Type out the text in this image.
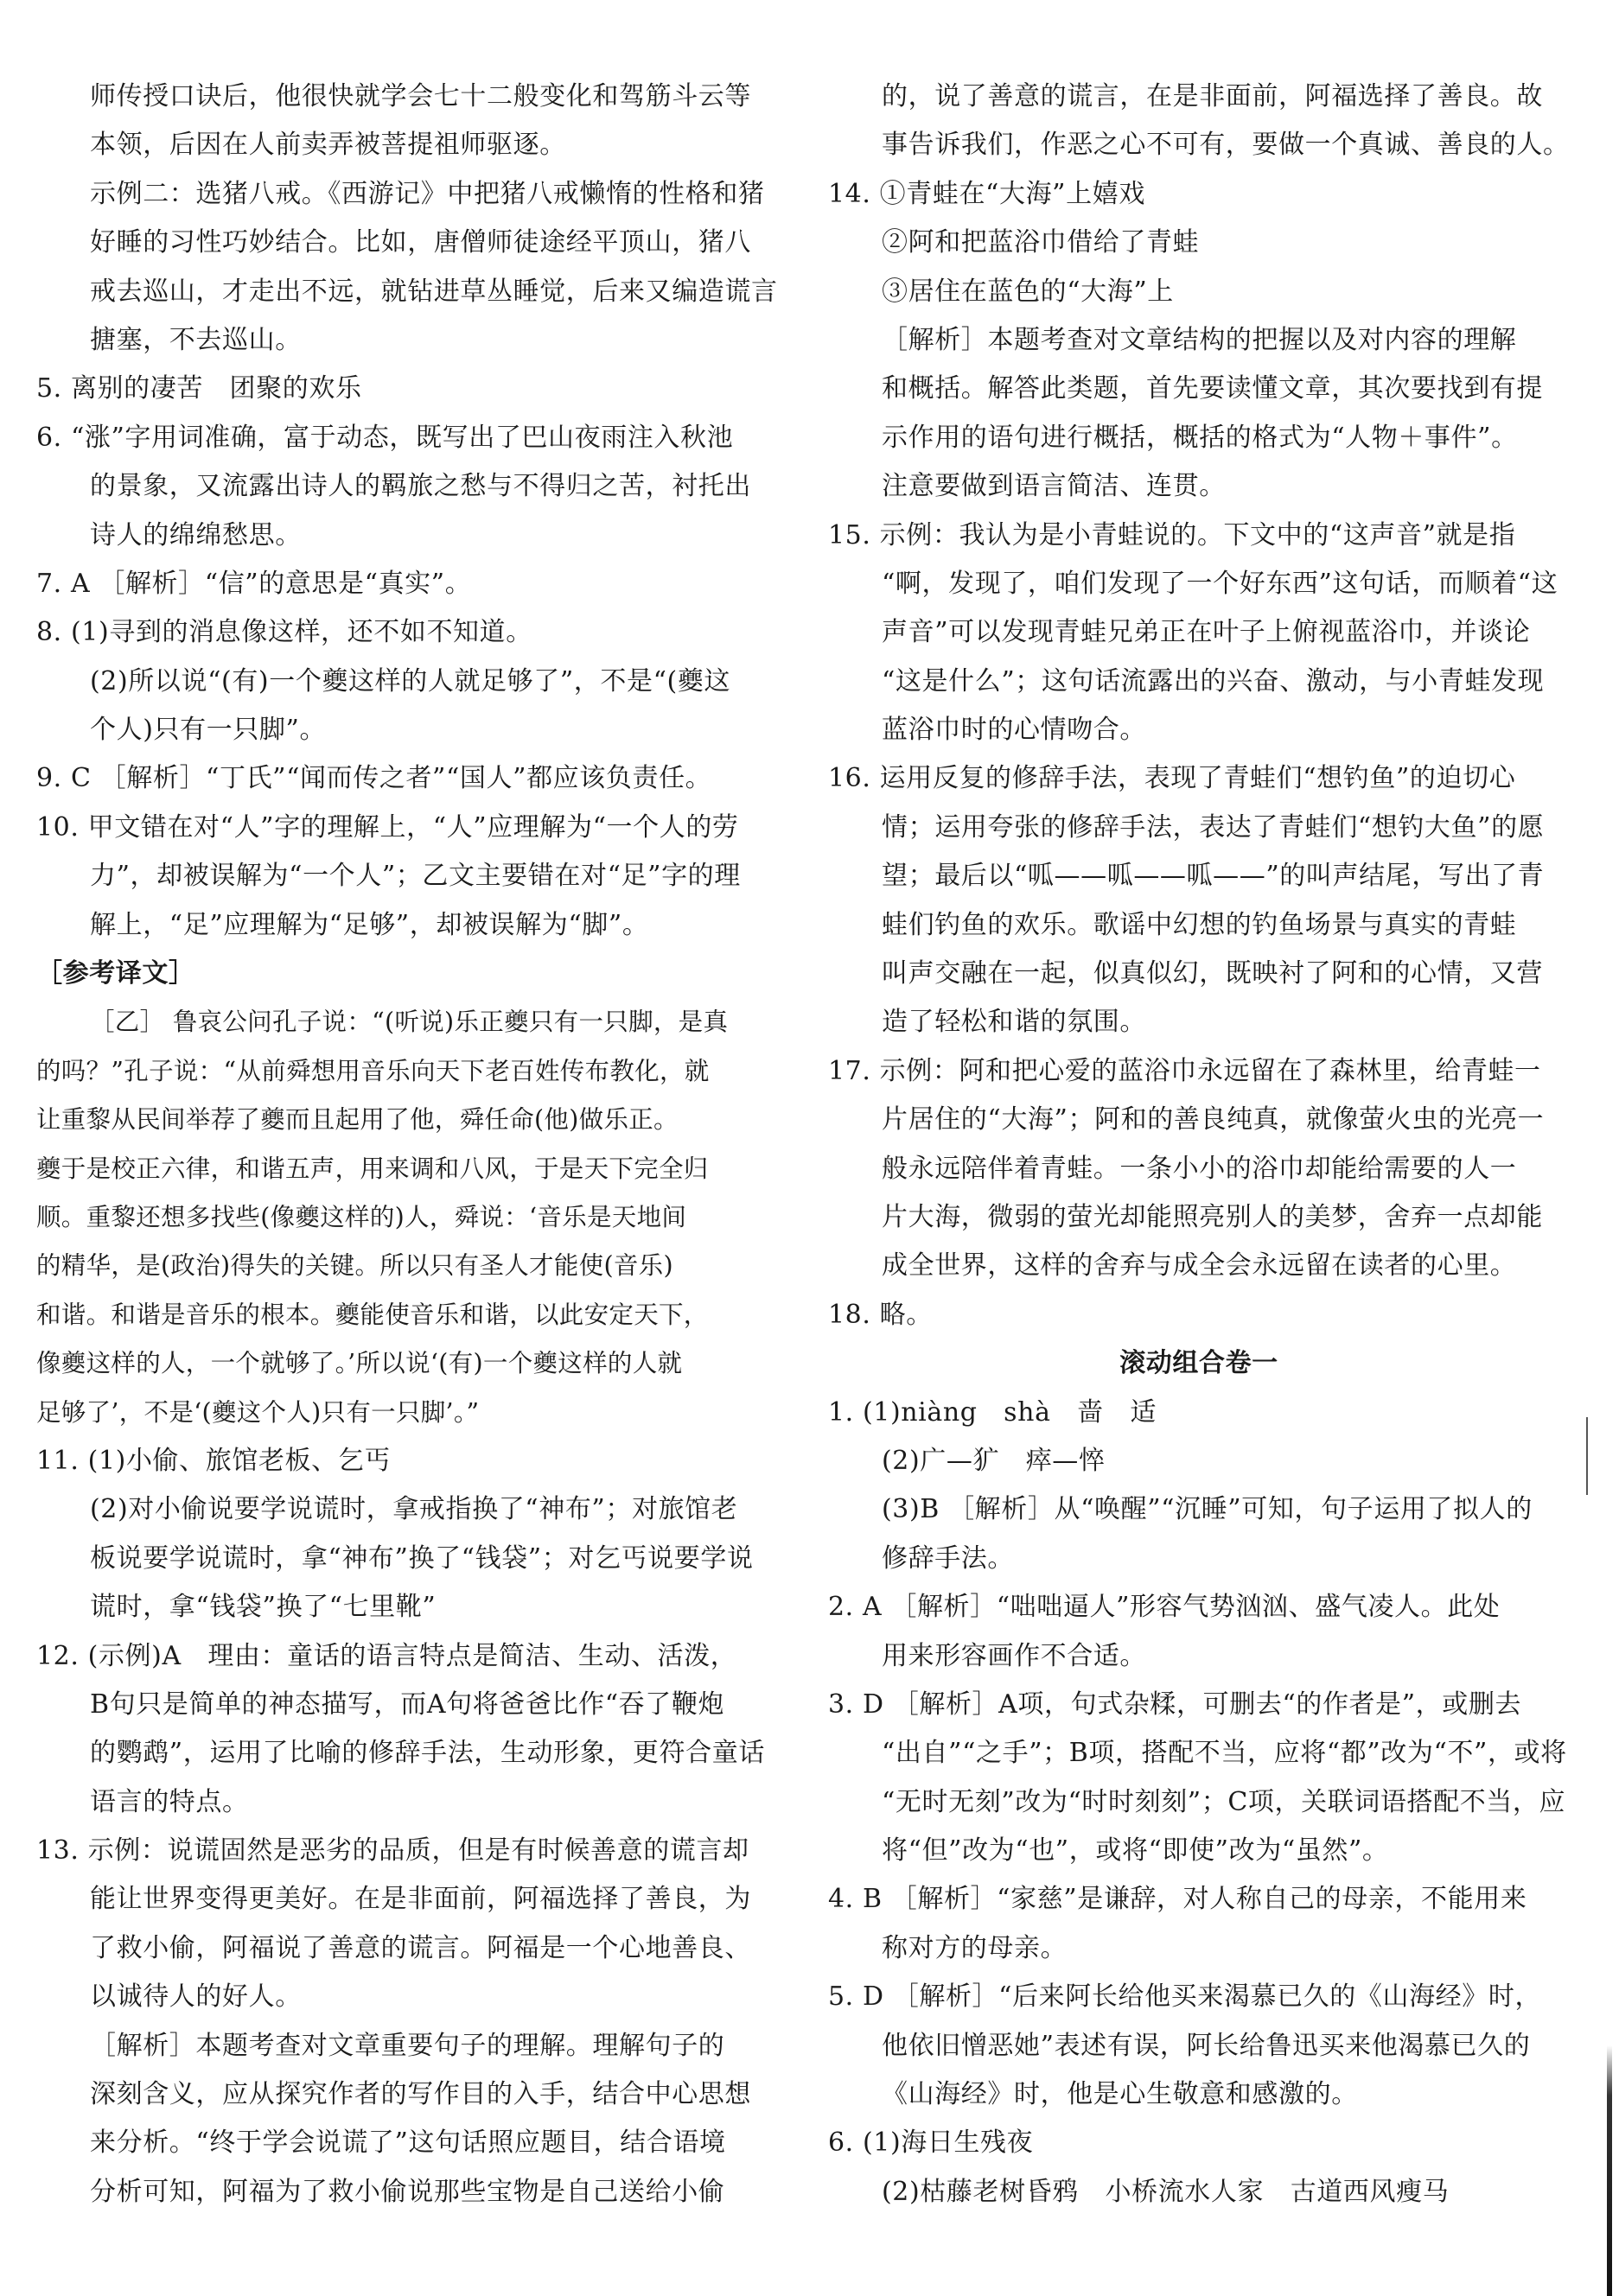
师传授口诀后，他很快就学会七十二般变化和驾筋斗云等
本领，后因在人前卖弄被菩提祖师驱逐。
示例二：选猪八戒。《西游记》中把猪八戒懒惰的性格和猪
好睡的习性巧妙结合。比如，唐僧师徒途经平顶山，猪八
戒去巡山，才走出不远，就钻进草丛睡觉，后来又编造谎言
搪塞，不去巡山。
5. 离别的凄苦　团聚的欢乐
6. “涨”字用词准确，富于动态，既写出了巴山夜雨注入秋池
的景象，又流露出诗人的羁旅之愁与不得归之苦，衬托出
诗人的绵绵愁思。
7. A ［解析］“信”的意思是“真实”。
8. (1)寻到的消息像这样，还不如不知道。
(2)所以说“(有)一个夔这样的人就足够了”，不是“(夔这
个人)只有一只脚”。
9. C ［解析］“丁氏”“闻而传之者”“国人”都应该负责任。
10. 甲文错在对“人”字的理解上，“人”应理解为“一个人的劳
力”，却被误解为“一个人”；乙文主要错在对“足”字的理
解上，“足”应理解为“足够”，却被误解为“脚”。
［参考译文］
［乙］ 鲁哀公问孔子说：“(听说)乐正夔只有一只脚，是真
的吗？”孔子说：“从前舜想用音乐向天下老百姓传布教化，就
让重黎从民间举荐了夔而且起用了他，舜任命(他)做乐正。
夔于是校正六律，和谐五声，用来调和八风，于是天下完全归
顺。重黎还想多找些(像夔这样的)人，舜说：‘音乐是天地间
的精华，是(政治)得失的关键。所以只有圣人才能使(音乐)
和谐。和谐是音乐的根本。夔能使音乐和谐，以此安定天下，
像夔这样的人，一个就够了。’所以说‘(有)一个夔这样的人就
足够了’，不是‘(夔这个人)只有一只脚’。”
11. (1)小偷、旅馆老板、乞丐
(2)对小偷说要学说谎时，拿戒指换了“神布”；对旅馆老
板说要学说谎时，拿“神布”换了“钱袋”；对乞丐说要学说
谎时，拿“钱袋”换了“七里靴”
12. (示例)A　理由：童话的语言特点是简洁、生动、活泼，
B句只是简单的神态描写，而A句将爸爸比作“吞了鞭炮
的鹦鹉”，运用了比喻的修辞手法，生动形象，更符合童话
语言的特点。
13. 示例：说谎固然是恶劣的品质，但是有时候善意的谎言却
能让世界变得更美好。在是非面前，阿福选择了善良，为
了救小偷，阿福说了善意的谎言。阿福是一个心地善良、
以诚待人的好人。
［解析］本题考查对文章重要句子的理解。理解句子的
深刻含义，应从探究作者的写作目的入手，结合中心思想
来分析。“终于学会说谎了”这句话照应题目，结合语境
分析可知，阿福为了救小偷说那些宝物是自己送给小偷
的，说了善意的谎言，在是非面前，阿福选择了善良。故
事告诉我们，作恶之心不可有，要做一个真诚、善良的人。
14. ①青蛙在“大海”上嬉戏
②阿和把蓝浴巾借给了青蛙
③居住在蓝色的“大海”上
［解析］本题考查对文章结构的把握以及对内容的理解
和概括。解答此类题，首先要读懂文章，其次要找到有提
示作用的语句进行概括，概括的格式为“人物＋事件”。
注意要做到语言简洁、连贯。
15. 示例：我认为是小青蛙说的。下文中的“这声音”就是指
“啊，发现了，咱们发现了一个好东西”这句话，而顺着“这
声音”可以发现青蛙兄弟正在叶子上俯视蓝浴巾，并谈论
“这是什么”；这句话流露出的兴奋、激动，与小青蛙发现
蓝浴巾时的心情吻合。
16. 运用反复的修辞手法，表现了青蛙们“想钓鱼”的迫切心
情；运用夸张的修辞手法，表达了青蛙们“想钓大鱼”的愿
望；最后以“呱——呱——呱——”的叫声结尾，写出了青
蛙们钓鱼的欢乐。歌谣中幻想的钓鱼场景与真实的青蛙
叫声交融在一起，似真似幻，既映衬了阿和的心情，又营
造了轻松和谐的氛围。
17. 示例：阿和把心爱的蓝浴巾永远留在了森林里，给青蛙一
片居住的“大海”；阿和的善良纯真，就像萤火虫的光亮一
般永远陪伴着青蛙。一条小小的浴巾却能给需要的人一
片大海，微弱的萤光却能照亮别人的美梦，舍弃一点却能
成全世界，这样的舍弃与成全会永远留在读者的心里。
18. 略。
滚动组合卷一
1. (1)niàng　shà　啬　适
(2)广—犷　瘁—悴
(3)B ［解析］从“唤醒”“沉睡”可知，句子运用了拟人的
修辞手法。
2. A ［解析］“咄咄逼人”形容气势汹汹、盛气凌人。此处
用来形容画作不合适。
3. D ［解析］A项，句式杂糅，可删去“的作者是”，或删去
“出自”“之手”；B项，搭配不当，应将“都”改为“不”，或将
“无时无刻”改为“时时刻刻”；C项，关联词语搭配不当，应
将“但”改为“也”，或将“即使”改为“虽然”。
4. B ［解析］“家慈”是谦辞，对人称自己的母亲，不能用来
称对方的母亲。
5. D ［解析］“后来阿长给他买来渴慕已久的《山海经》时，
他依旧憎恶她”表述有误，阿长给鲁迅买来他渴慕已久的
《山海经》时，他是心生敬意和感激的。
6. (1)海日生残夜
(2)枯藤老树昏鸦　小桥流水人家　古道西风瘦马
